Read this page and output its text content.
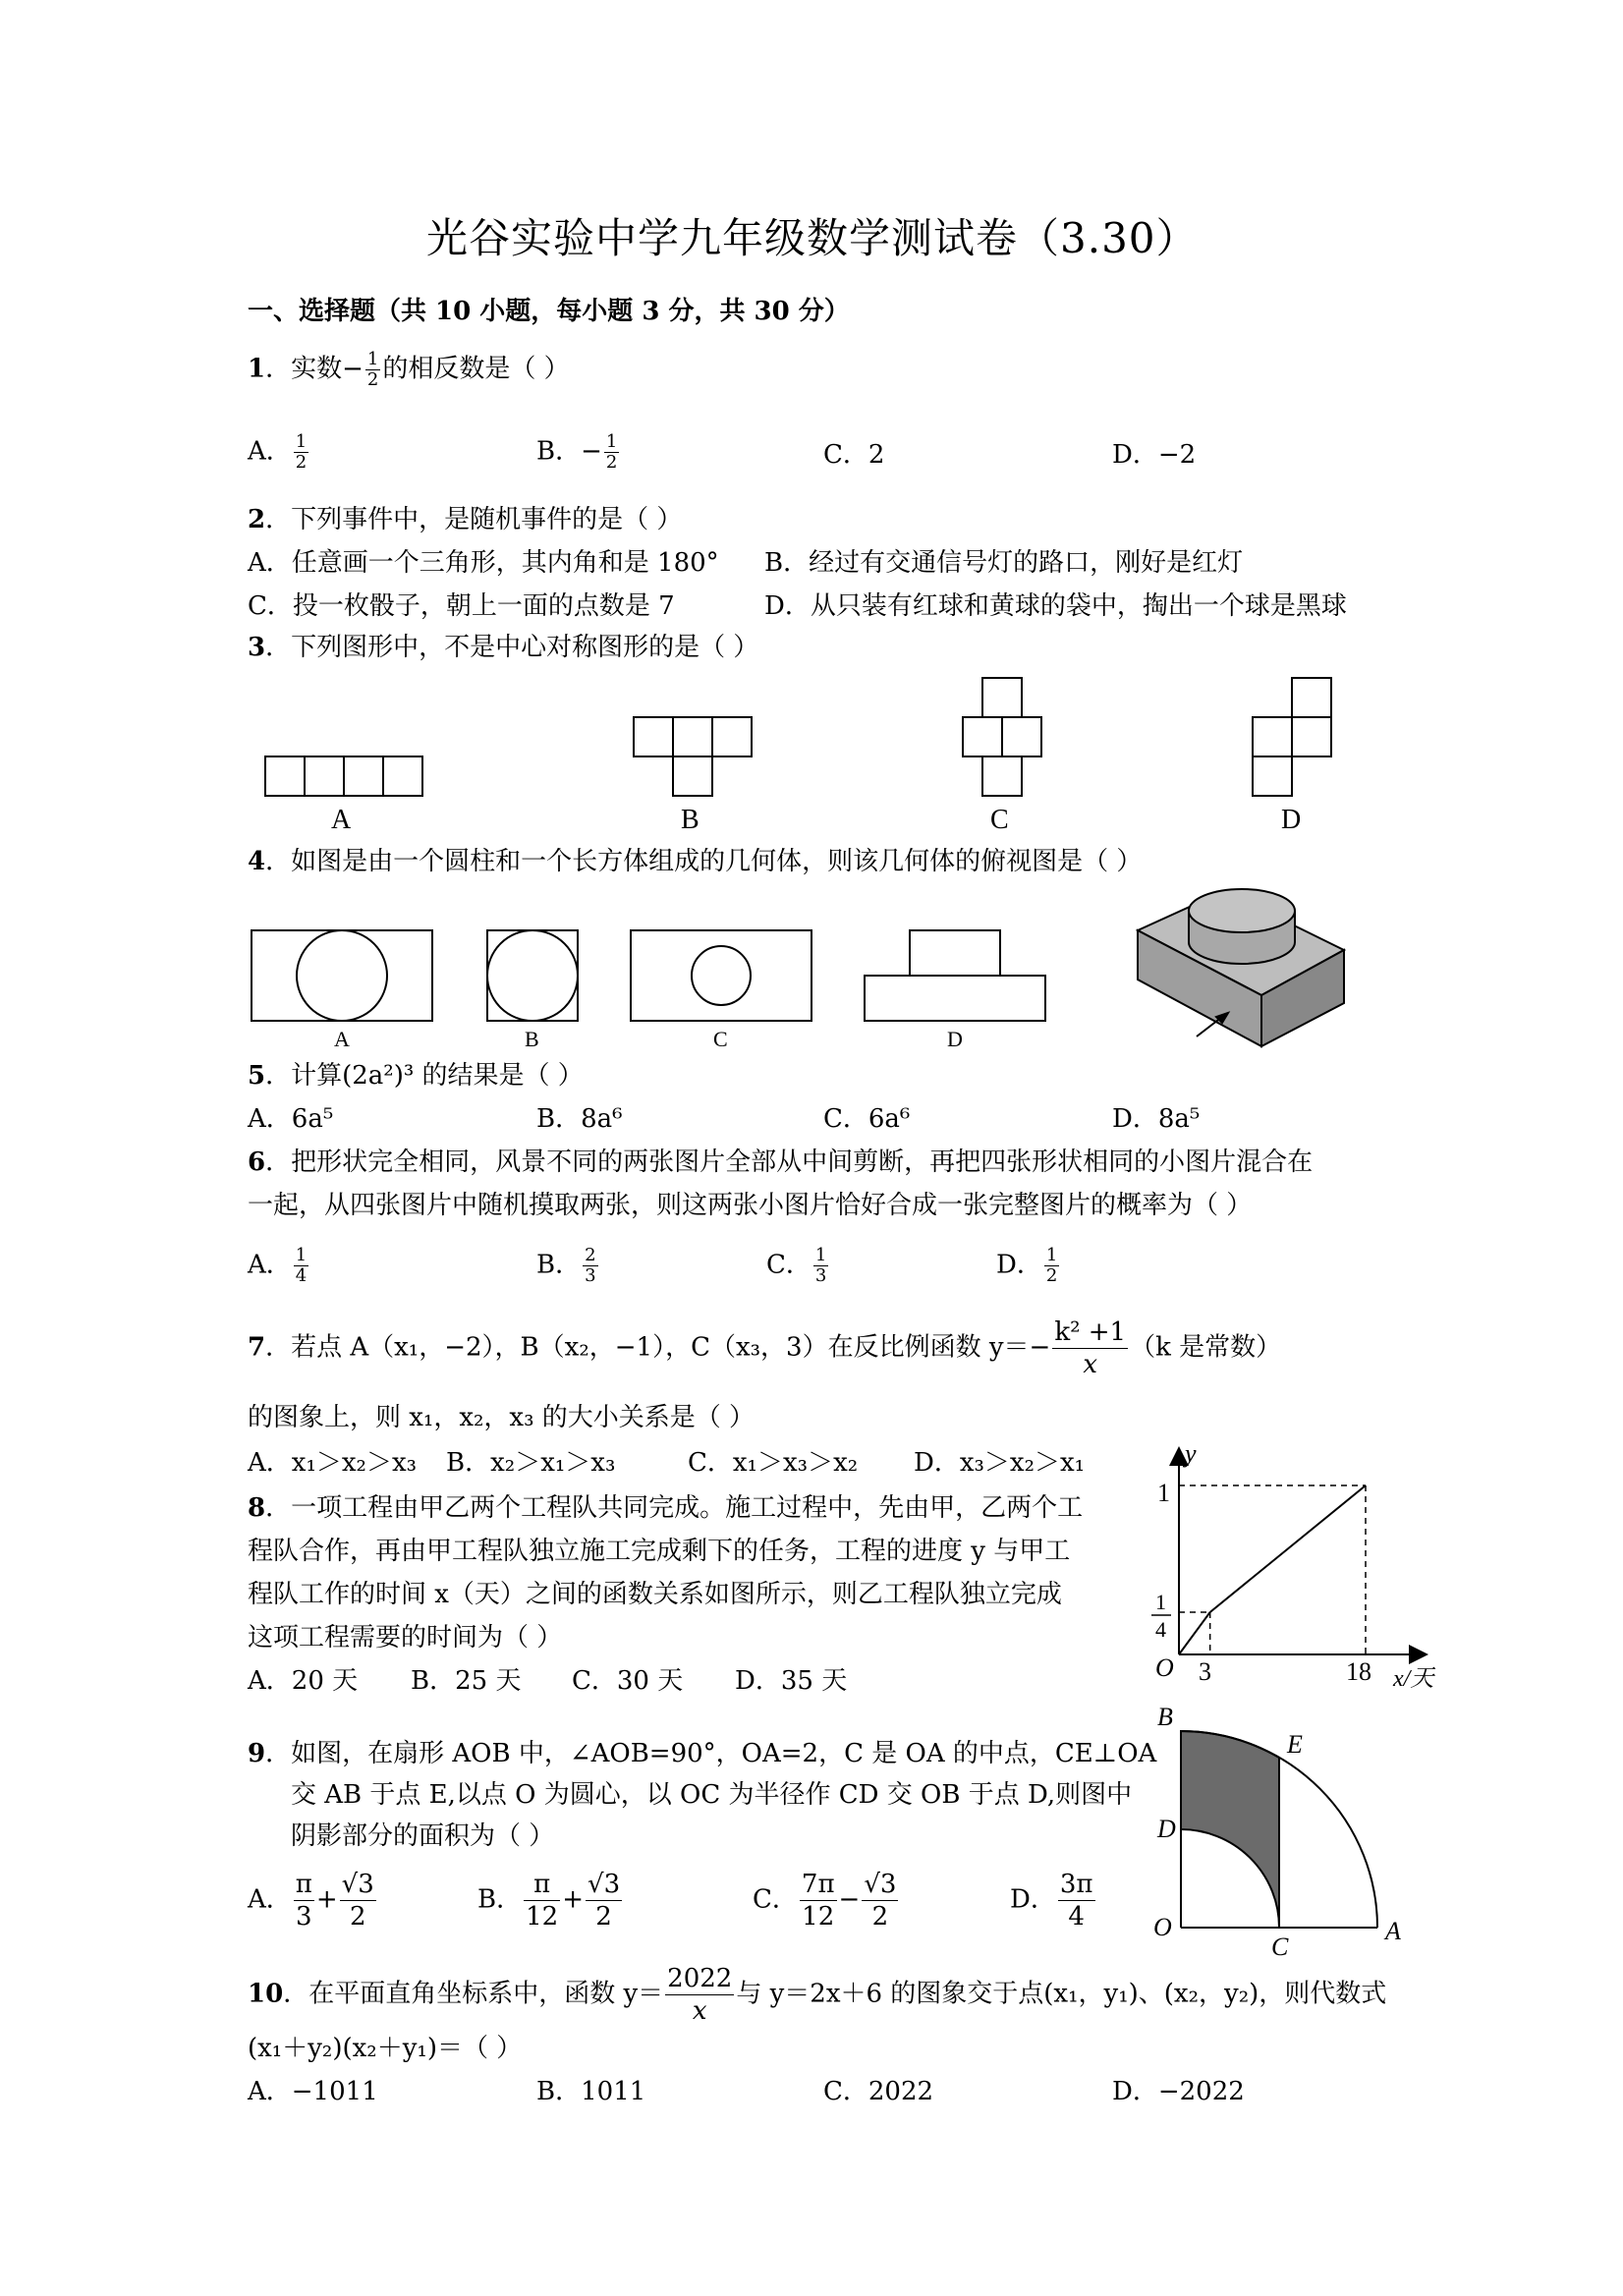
光谷实验中学九年级数学测试卷（3.30）
一、选择题（共 10 小题，每小题 3 分，共 30 分）
1．实数− $\frac{1}{2}$ 的相反数是（ ）
A． $\frac{1}{2}$	B．− $\frac{1}{2}$	C．2	D．−2
2．下列事件中，是随机事件的是（ ）
A．任意画一个三角形，其内角和是 180° B．经过有交通信号灯的路口，刚好是红灯
C．投一枚骰子，朝上一面的点数是 7	D．从只装有红球和黄球的袋中，掏出一个球是黑球
3．下列图形中，不是中心对称图形的是（ ）
A	B	C	D
4．如图是由一个圆柱和一个长方体组成的几何体，则该几何体的俯视图是（ ）
A	B	C	D
5．计算(2a²)³ 的结果是（ ）
A．6a⁵	B．8a⁶	C．6a⁶	D．8a⁵
6．把形状完全相同，风景不同的两张图片全部从中间剪断，再把四张形状相同的小图片混合在
一起，从四张图片中随机摸取两张，则这两张小图片恰好合成一张完整图片的概率为（ ）
A． $\frac{1}{4}$	B． $\frac{2}{3}$	C． $\frac{1}{3}$	D． $\frac{1}{2}$
7．若点 A（x₁，−2），B（x₂，−1），C（x₃，3）在反比例函数 $y=- \frac{\text{k² +1}}{x} (k$ 是常数）
的图象上，则 x₁，x₂，x₃ 的大小关系是（ ）
A．x₁＞x₂＞x₃ B．x₂＞x₁＞x₃	C．x₁＞x₃＞x₂ D．x₃＞x₂＞x₁
8．一项工程由甲乙两个工程队共同完成。施工过程中，先由甲，乙两个工
程队合作，再由甲工程队独立施工完成剩下的任务，工程的进度 y 与甲工
程队工作的时间 x（天）之间的函数关系如图所示，则乙工程队独立完成
这项工程需要的时间为（ ）
A．20 天 B．25 天 C．30 天 D．35 天
y
x/天
O 3	18
1
1
4
9．如图，在扇形 AOB 中，∠AOB=90°，OA=2，C 是 OA 的中点，CE⊥OA
交 AB 于点 E,以点 O 为圆心，以 OC 为半径作 CD 交 OB 于点 D,则图中
阴影部分的面积为（ ）
A． $\frac{\pi}{3} + \frac{√3}{2}$	B． $\frac{\pi}{12} + \frac{√3}{2}$	C． $\frac{7\pi}{12} - \frac{√3}{2}$	D． $\frac{3\pi}{4}$
B
E
D
O
C
A
10．在平面直角坐标系中，函数 $y= \frac{2022}{x}$ 与 y＝2x＋6 的图象交于点(x₁，y₁)、(x₂，y₂)，则代数式
(x₁＋y₂)(x₂＋y₁)＝（ ）
A．−1011	B．1011	C．2022	D．−2022
